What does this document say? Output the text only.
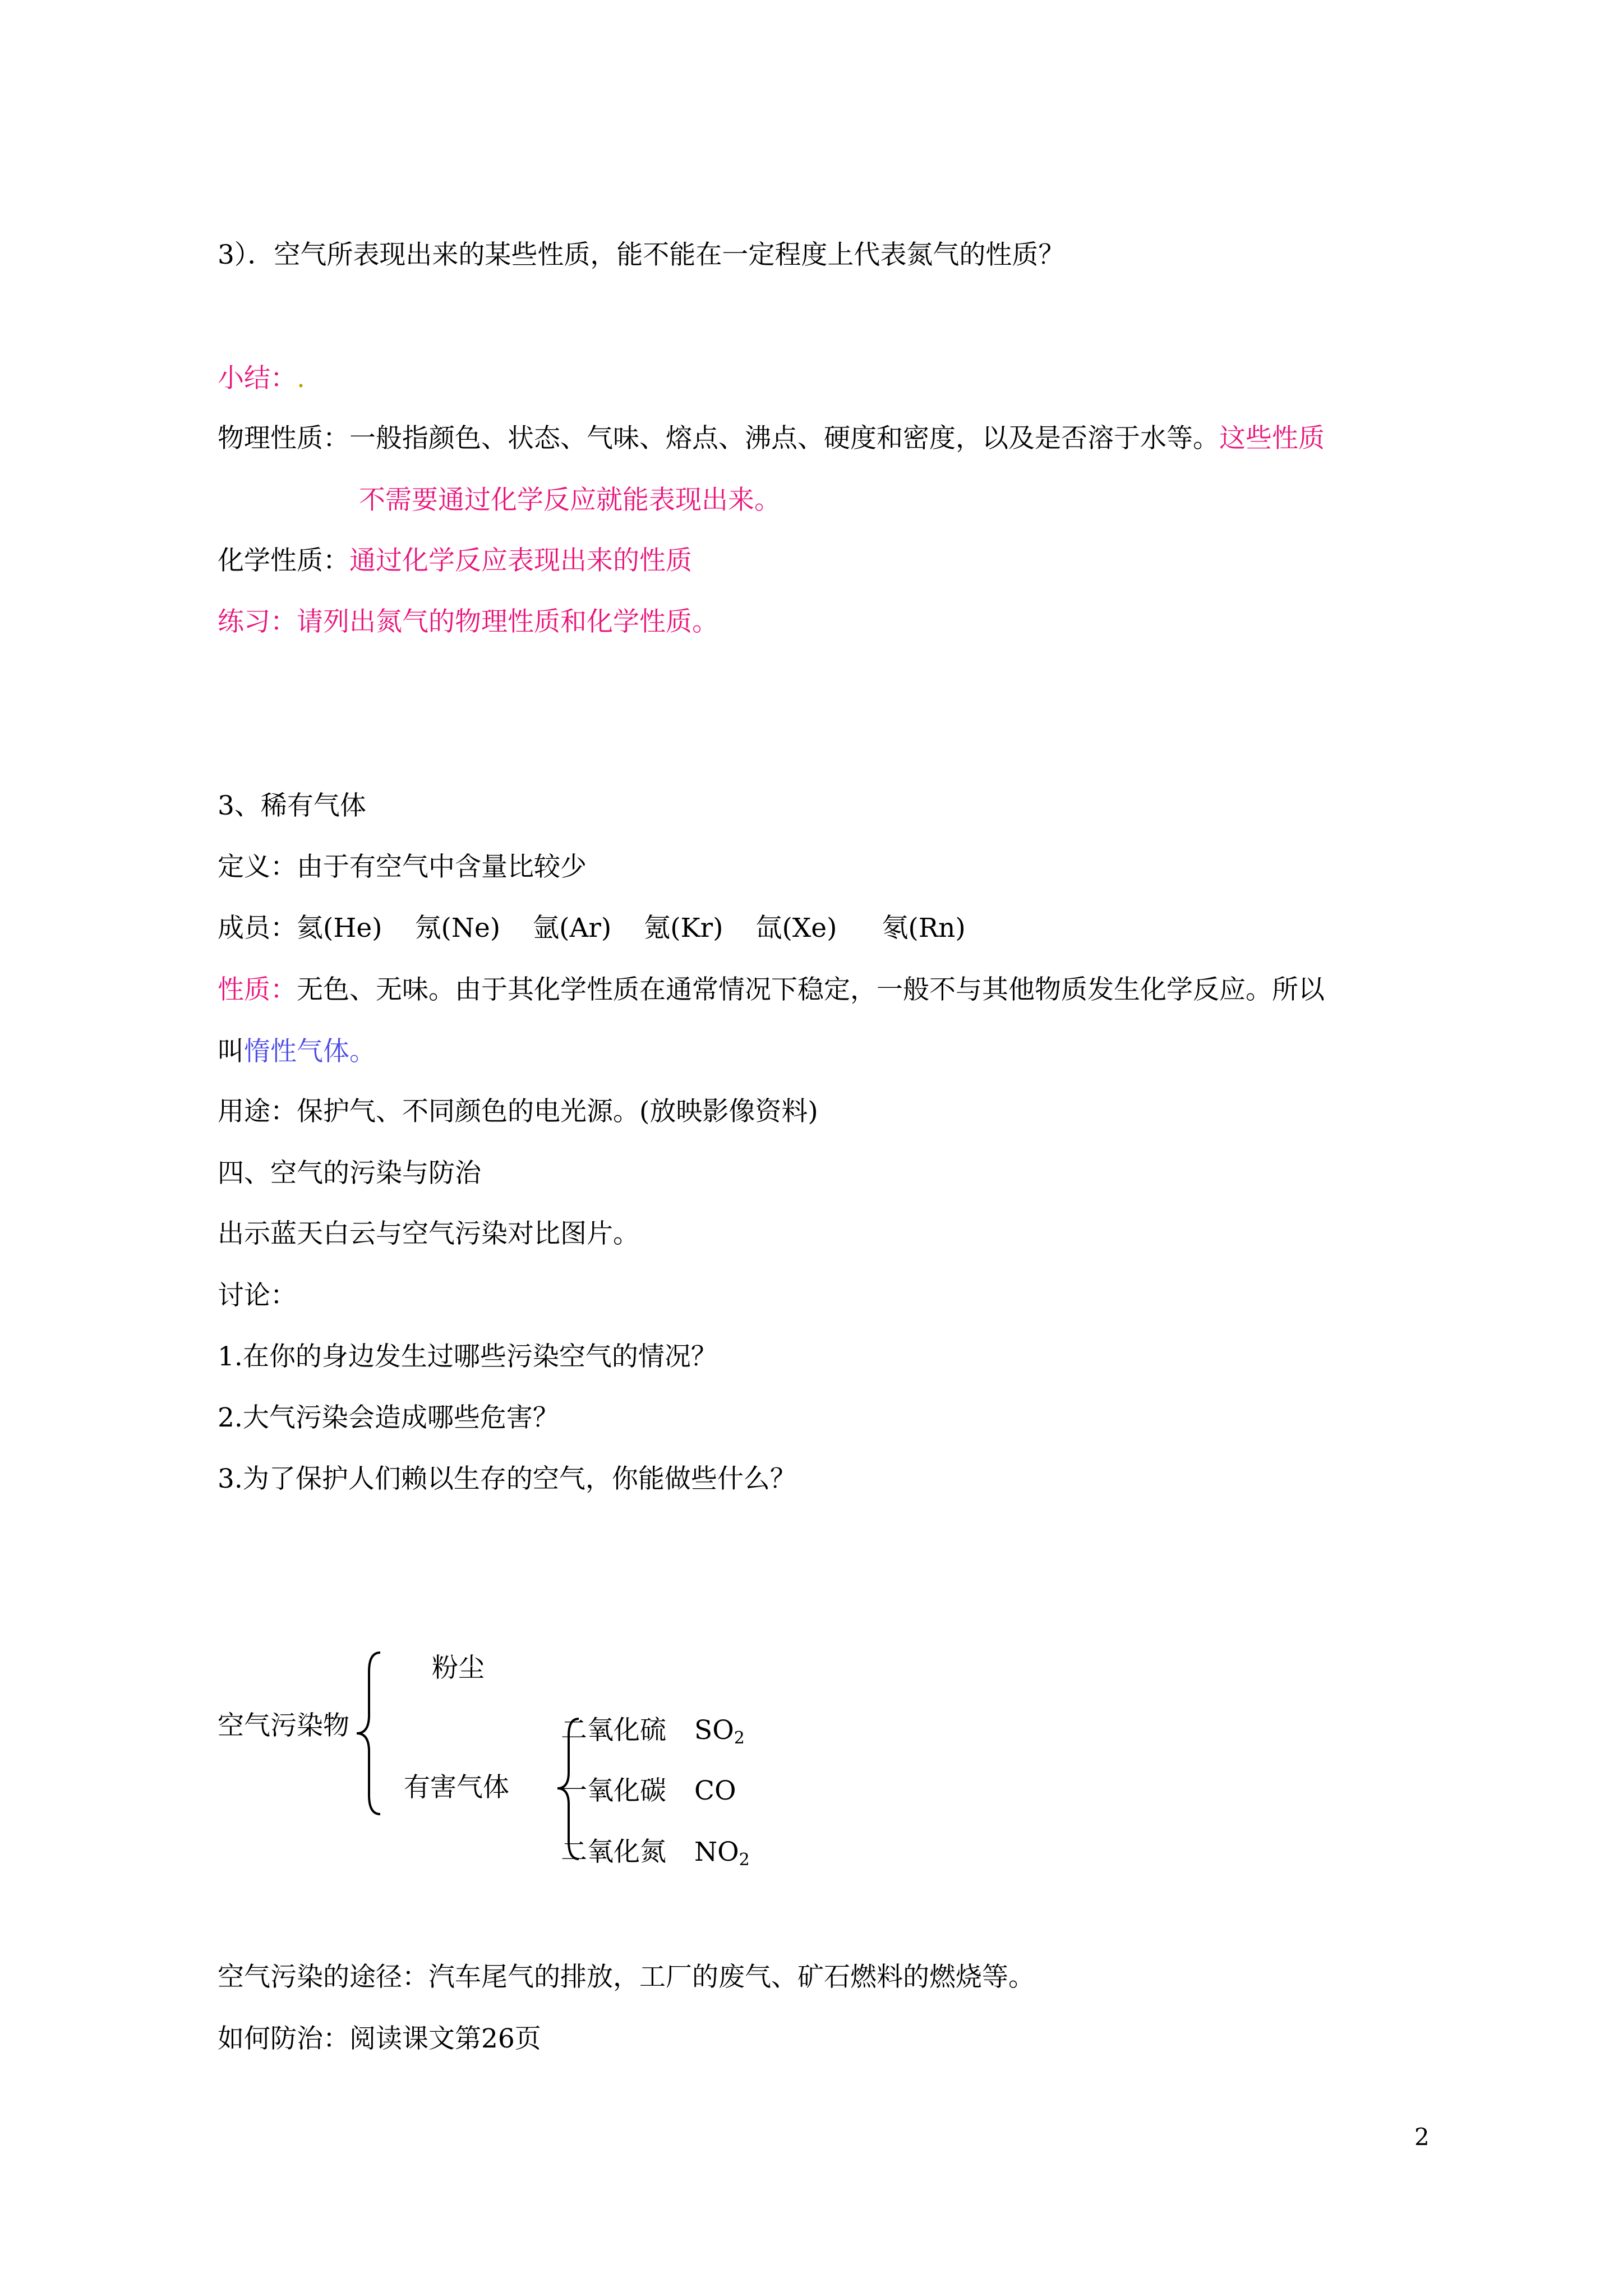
3）．空气所表现出来的某些性质，能不能在一定程度上代表氮气的性质？
小结：.
物理性质：一般指颜色、状态、气味、熔点、沸点、硬度和密度，以及是否溶于水等。这些性质
不需要通过化学反应就能表现出来。
化学性质：通过化学反应表现出来的性质
练习：请列出氮气的物理性质和化学性质。
3、稀有气体
定义：由于有空气中含量比较少
成员：氦(He) 氖(Ne) 氩(Ar) 氪(Kr) 氙(Xe) 氡(Rn)
性质：无色、无味。由于其化学性质在通常情况下稳定，一般不与其他物质发生化学反应。所以
叫惰性气体。
用途：保护气、不同颜色的电光源。(放映影像资料)
四、空气的污染与防治
出示蓝天白云与空气污染对比图片。
讨论：
1.在你的身边发生过哪些污染空气的情况？
2.大气污染会造成哪些危害？
3.为了保护人们赖以生存的空气，你能做些什么？
空气污染物
粉尘
有害气体
二氧化硫 $SO_2$
一氧化碳 CO
二氧化氮 $NO_2$
空气污染的途径：汽车尾气的排放，工厂的废气、矿石燃料的燃烧等。
如何防治：阅读课文第26页
2
